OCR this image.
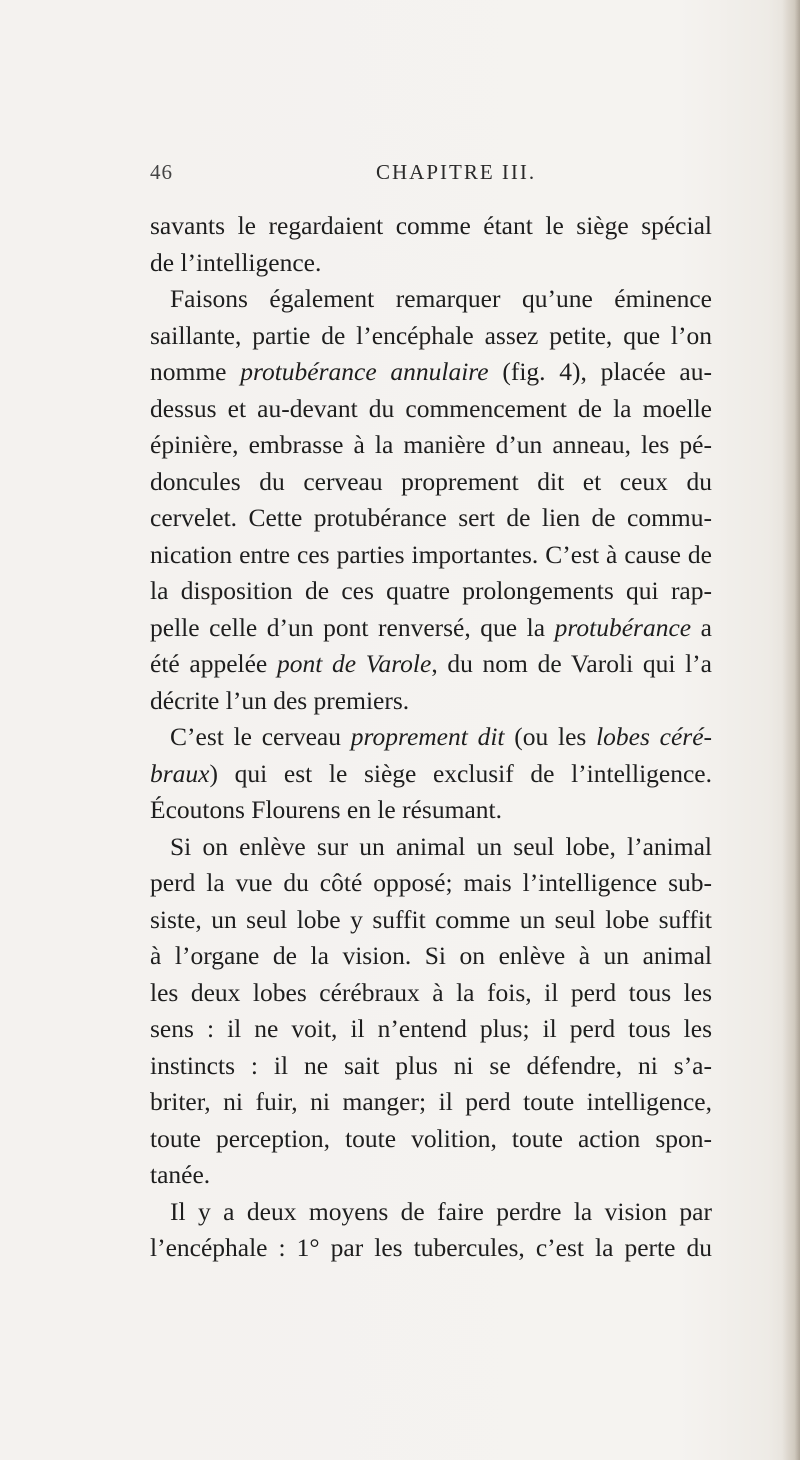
46	CHAPITRE III.
savants le regardaient comme étant le siège spécial
de l’intelligence.
Faisons également remarquer qu’une éminence
saillante, partie de l’encéphale assez petite, que l’on
nomme protubérance annulaire (fig. 4), placée au-
dessus et au-devant du commencement de la moelle
épinière, embrasse à la manière d’un anneau, les pé-
doncules du cerveau proprement dit et ceux du
cervelet. Cette protubérance sert de lien de commu-
nication entre ces parties importantes. C’est à cause de
la disposition de ces quatre prolongements qui rap-
pelle celle d’un pont renversé, que la protubérance a
été appelée pont de Varole, du nom de Varoli qui l’a
décrite l’un des premiers.
C’est le cerveau proprement dit (ou les lobes céré-
braux) qui est le siège exclusif de l’intelligence.
Écoutons Flourens en le résumant.
Si on enlève sur un animal un seul lobe, l’animal
perd la vue du côté opposé; mais l’intelligence sub-
siste, un seul lobe y suffit comme un seul lobe suffit
à l’organe de la vision. Si on enlève à un animal
les deux lobes cérébraux à la fois, il perd tous les
sens : il ne voit, il n’entend plus; il perd tous les
instincts : il ne sait plus ni se défendre, ni s’a-
briter, ni fuir, ni manger; il perd toute intelligence,
toute perception, toute volition, toute action spon-
tanée.
Il y a deux moyens de faire perdre la vision par
l’encéphale : 1° par les tubercules, c’est la perte du
